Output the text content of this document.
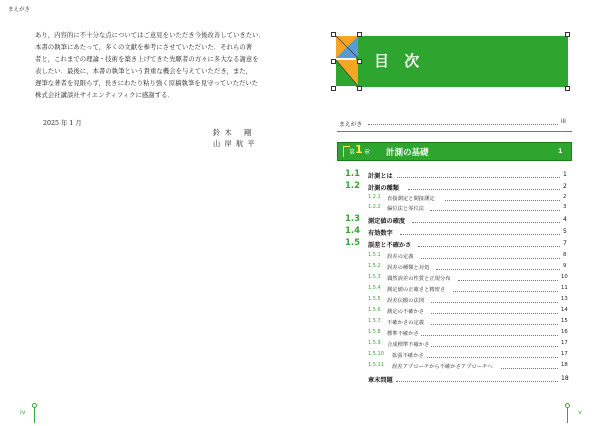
まえがき
あり，内容的に不十分な点についてはご意見をいただき今後改善していきたい．
本書の執筆にあたって，多くの文献を参考にさせていただいた．それらの著
者と，これまでの理論・技術を築き上げてきた先駆者の方々に多大なる謝意を
表したい．最後に，本書の執筆という貴重な機会を与えていただき，また，
遅筆な著者を見限らず，長きにわたり粘り強く原稿執筆を見守っていただいた
株式会社講談社サイエンティフィクに感謝する．
2025 年 1 月
鈴 木　 剛
山 岸 航 平
iv
目 次
まえがき	iii
第 1 章 計測の基礎	1
1.1 計測とは	1
1.2 計測の種類	2
1.2.1 直接測定と間接測定	2
1.2.2 偏位法と零位法	3
1.3 測定値の確度	4
1.4 有効数字	5
1.5 誤差と不確かさ	7
1.5.1 誤差の定義	8
1.5.2 誤差の種類と対処	9
1.5.3 偶然誤差の性質と正規分布	10
1.5.4 測定値の正確さと精密さ	11
1.5.5 誤差伝搬の法則	13
1.5.6 測定の不確かさ	14
1.5.7 不確かさの定義	15
1.5.8 標準不確かさ	16
1.5.9 合成標準不確かさ	17
1.5.10 拡張不確かさ	17
1.5.11 誤差アプローチから不確かさアプローチへ	18
章末問題	18
v
